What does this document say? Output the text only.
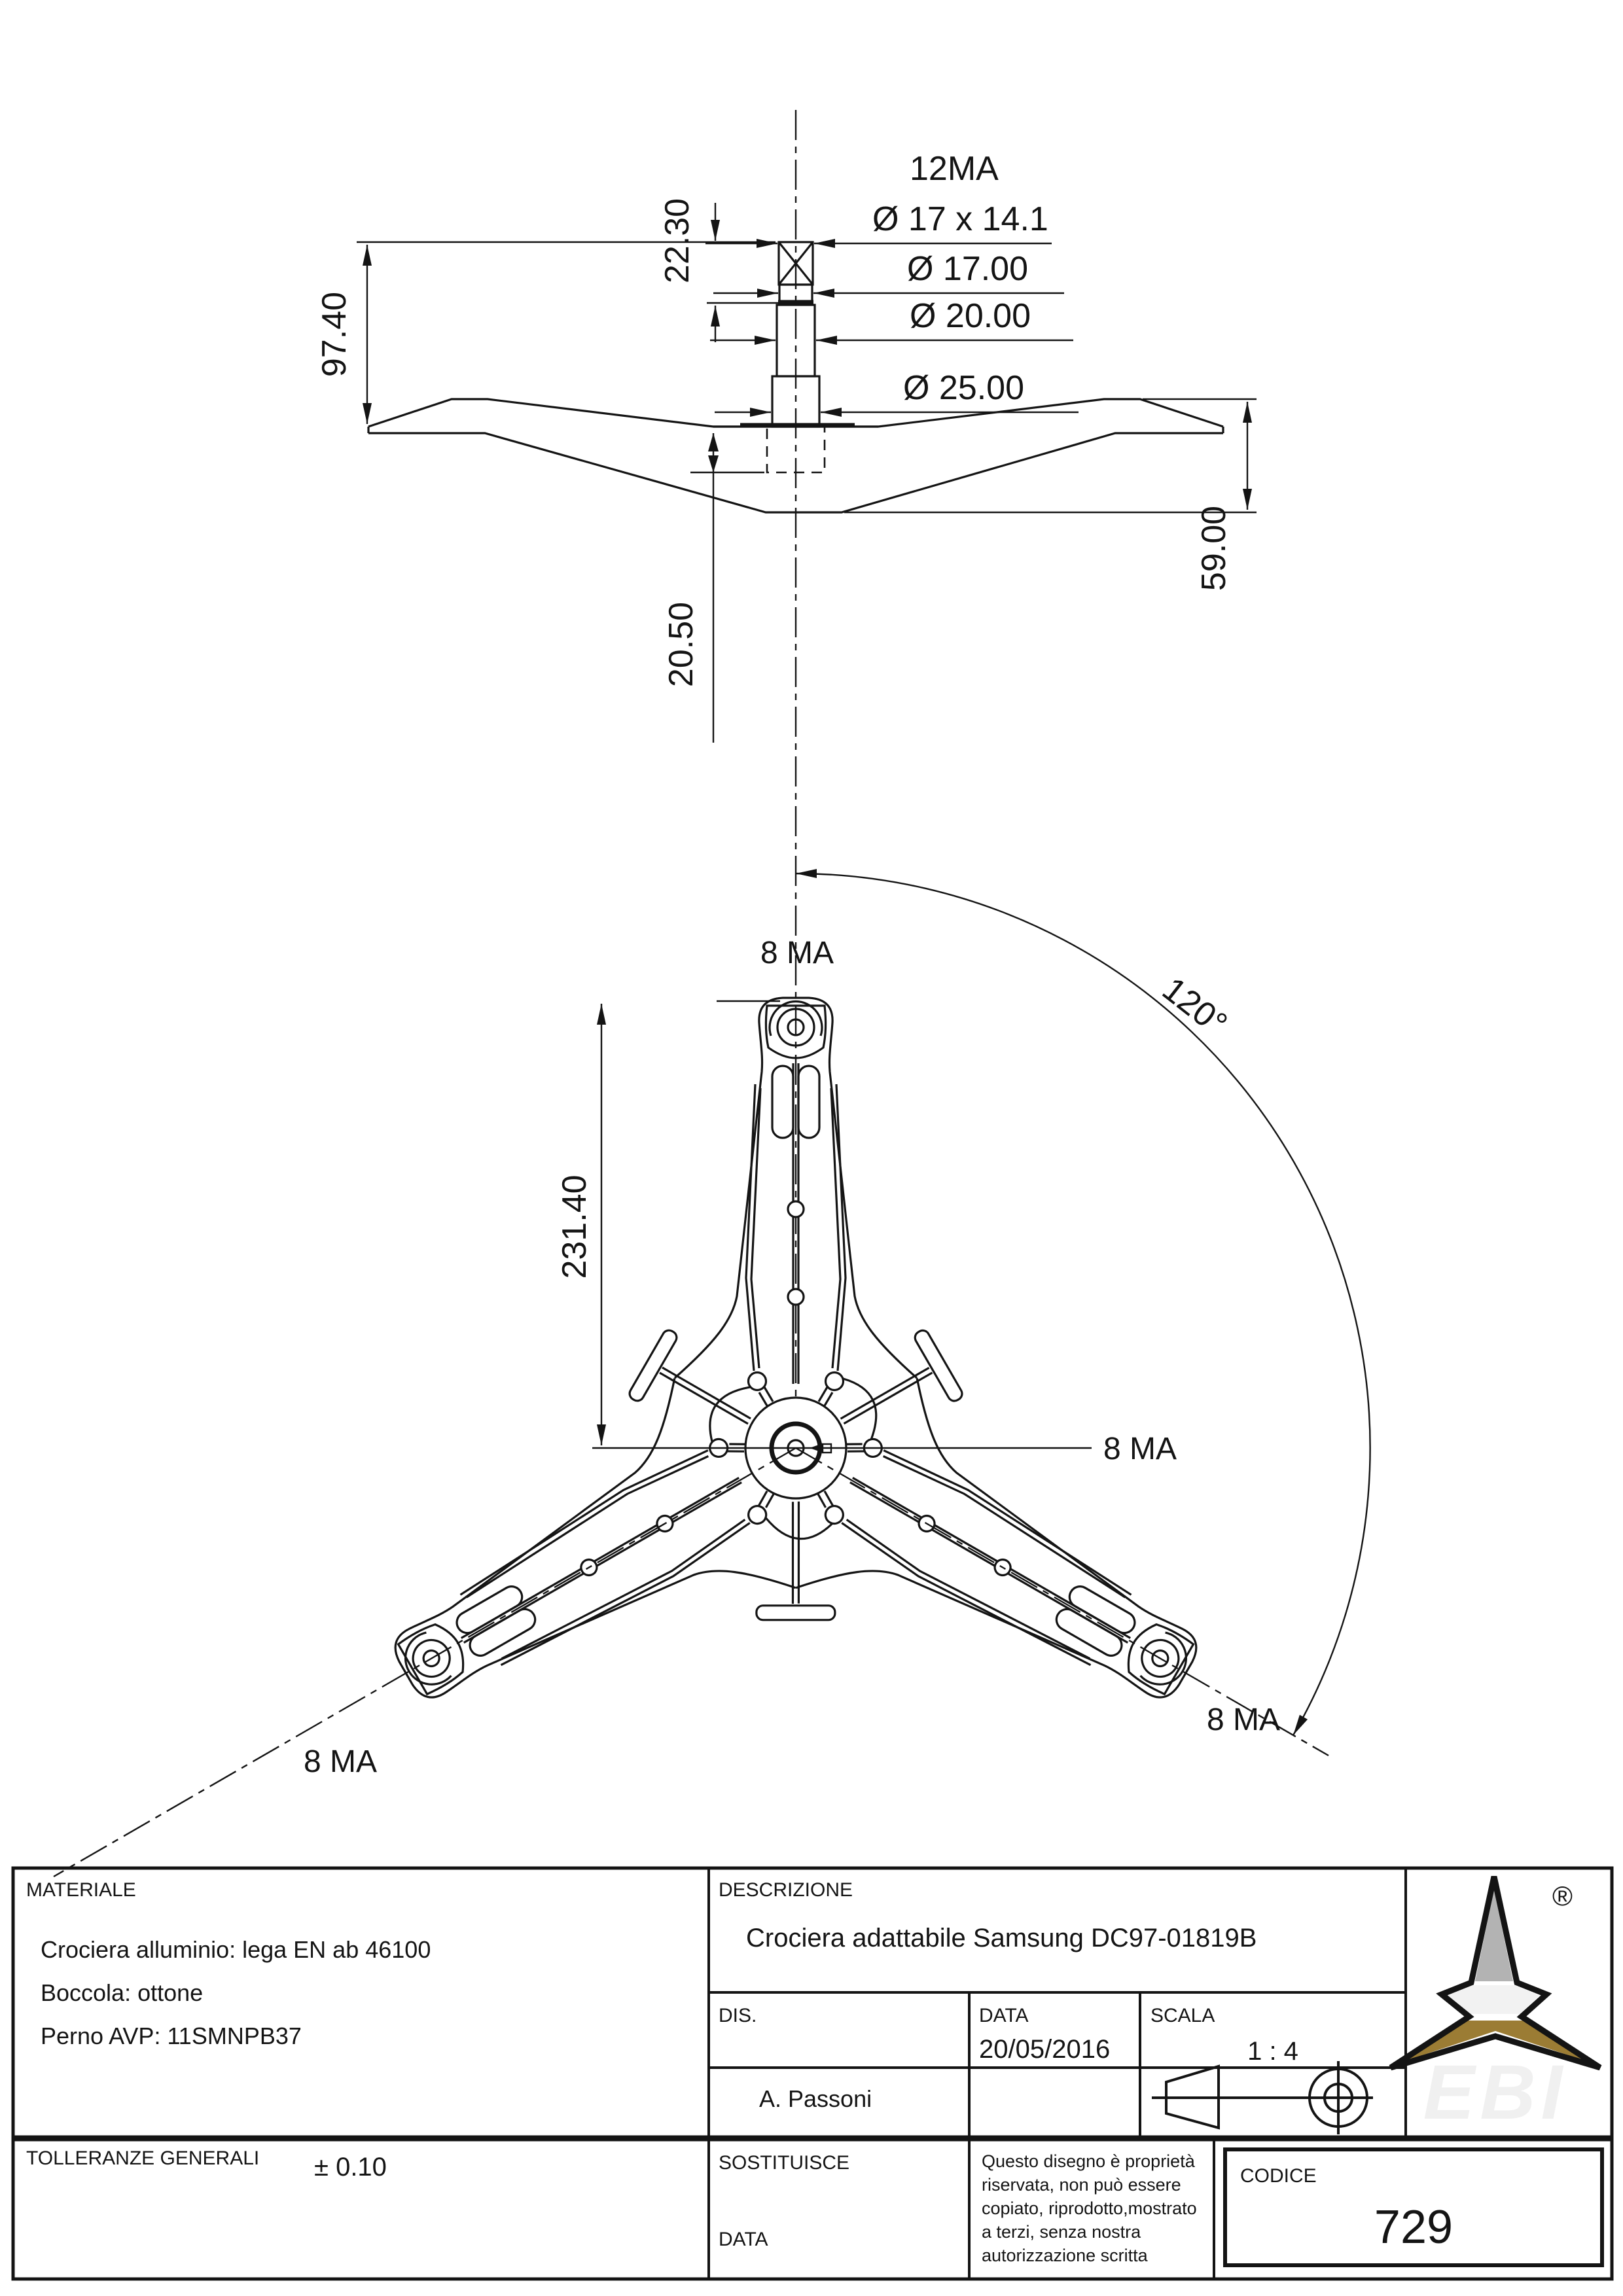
Ø 17 x 14.1
Ø 17.00
Ø 20.00
Ø 25.00
12MA
22.30
97.40
20.50
59.00
231.40
120°
8 MA
8 MA
8 MA
8 MA
MATERIALE
Crociera alluminio: lega EN ab 46100
Boccola: ottone
Perno AVP: 11SMNPB37
DESCRIZIONE
Crociera adattabile Samsung DC97-01819B
DIS.
A. Passoni
DATA
20/05/2016
SCALA
1 : 4
TOLLERANZE GENERALI ± 0.10	SOSTITUISCE
DATA
Questo disegno è proprietà
riservata, non può essere
copiato, riprodotto,mostrato
a terzi, senza nostra
autorizzazione scritta
CODICE
729
EBI
®
